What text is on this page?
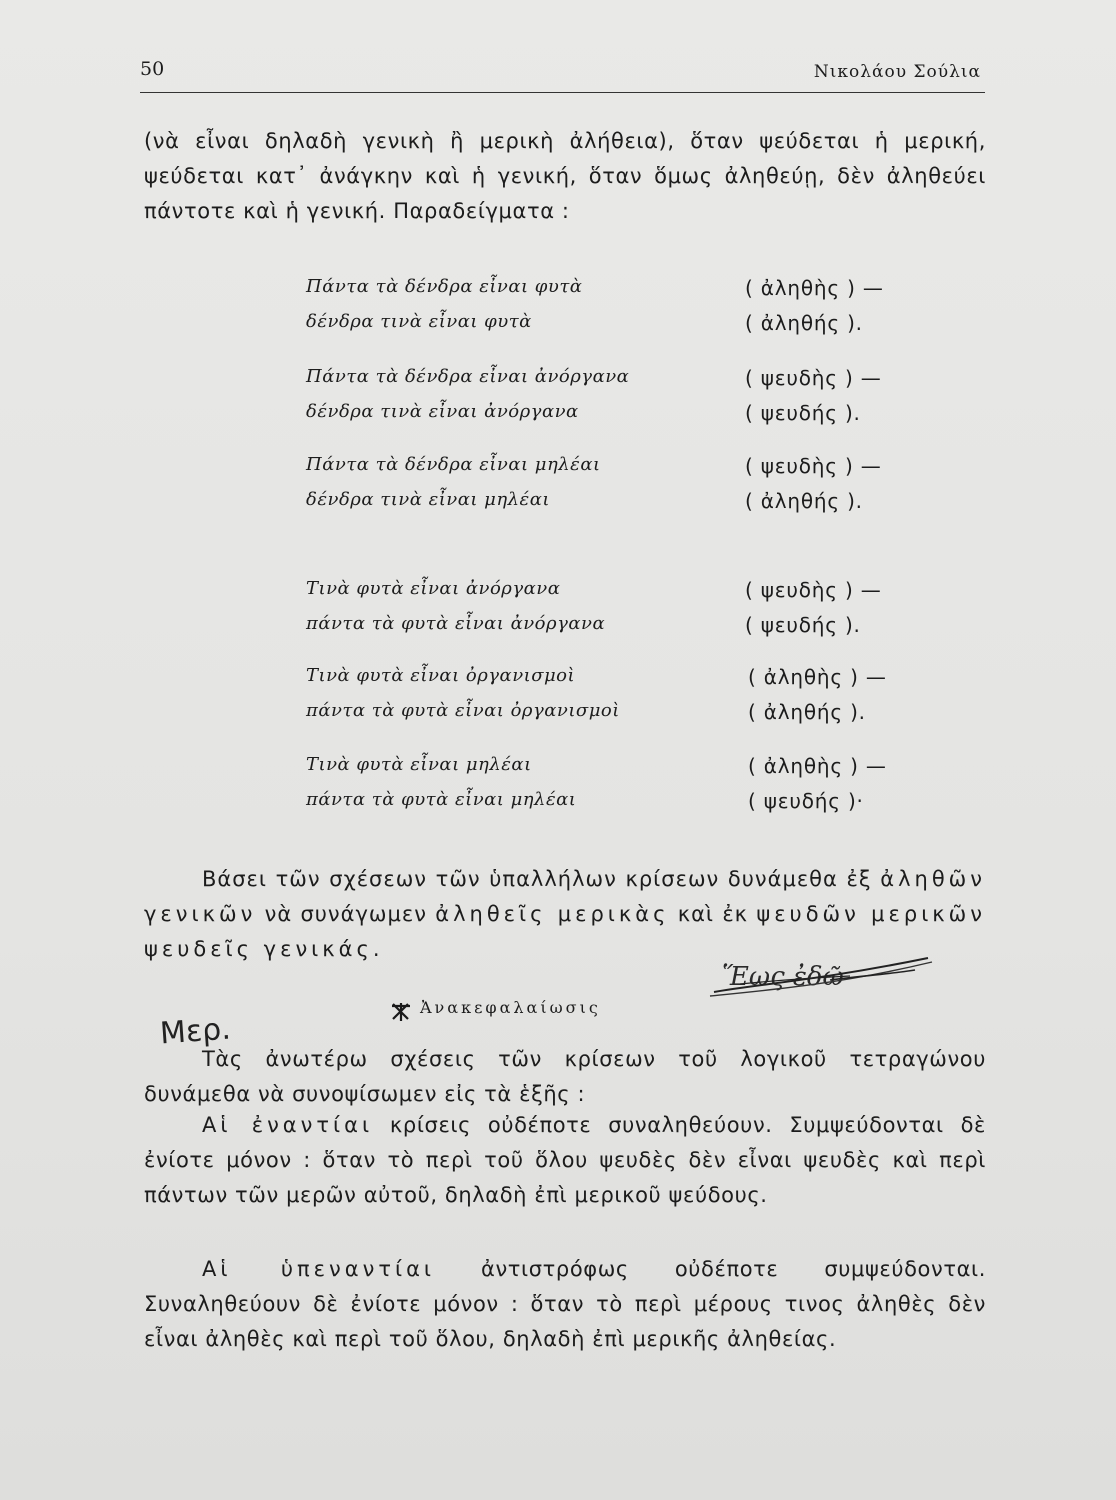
50	Νικολάου Σούλια

(νὰ εἶναι δηλαδὴ γενικὴ ἢ μερικὴ ἀλήθεια), ὅταν ψεύδεται ἡ μερική, ψεύδεται κατ᾽ ἀνάγκην καὶ ἡ γενική, ὅταν ὅμως ἀληθεύῃ, δὲν ἀληθεύει πάντοτε καὶ ἡ γενική. Παραδείγματα :

Πάντα τὰ δένδρα εἶναι φυτὰ	( ἀληθὴς ) —
δένδρα τινὰ εἶναι φυτὰ	( ἀληθής ).
Πάντα τὰ δένδρα εἶναι ἀνόργανα	( ψευδὴς ) —
δένδρα τινὰ εἶναι ἀνόργανα	( ψευδής ).
Πάντα τὰ δένδρα εἶναι μηλέαι	( ψευδὴς ) —
δένδρα τινὰ εἶναι μηλέαι	( ἀληθής ).
Τινὰ φυτὰ εἶναι ἀνόργανα	( ψευδὴς ) —
πάντα τὰ φυτὰ εἶναι ἀνόργανα	( ψευδής ).
Τινὰ φυτὰ εἶναι ὀργανισμοὶ	( ἀληθὴς ) —
πάντα τὰ φυτὰ εἶναι ὀργανισμοὶ	( ἀληθής ).
Τινὰ φυτὰ εἶναι μηλέαι	( ἀληθὴς ) —
πάντα τὰ φυτὰ εἶναι μηλέαι	( ψευδής )·

Βάσει τῶν σχέσεων τῶν ὑπαλλήλων κρίσεων δυνάμεθα ἐξ ἀληθῶν γενικῶν νὰ συνάγωμεν ἀληθεῖς μερικὰς καὶ ἐκ ψευδῶν μερικῶν ψευδεῖς γενικάς.

Ἕως ἐδῶ
Ἀνακεφαλαίωσις
Μερ.

Τὰς ἀνωτέρω σχέσεις τῶν κρίσεων τοῦ λογικοῦ τετραγώνου δυνάμεθα νὰ συνοψίσωμεν εἰς τὰ ἑξῆς :

Αἱ ἐναντίαι κρίσεις οὐδέποτε συναληθεύουν. Συμψεύδονται δὲ ἐνίοτε μόνον : ὅταν τὸ περὶ τοῦ ὅλου ψευδὲς δὲν εἶναι ψευδὲς καὶ περὶ πάντων τῶν μερῶν αὐτοῦ, δηλαδὴ ἐπὶ μερικοῦ ψεύδους.

Αἱ ὑπεναντίαι ἀντιστρόφως οὐδέποτε συμψεύδονται. Συναληθεύουν δὲ ἐνίοτε μόνον : ὅταν τὸ περὶ μέρους τινος ἀληθὲς δὲν εἶναι ἀληθὲς καὶ περὶ τοῦ ὅλου, δηλαδὴ ἐπὶ μερικῆς ἀληθείας.
